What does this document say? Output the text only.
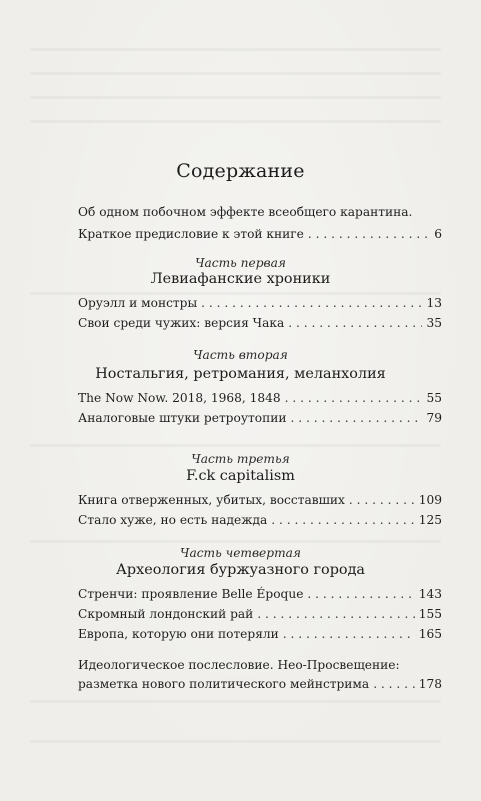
Содержание
Об одном побочном эффекте всеобщего карантина.
Краткое предисловие к этой книге . . .	6
Часть первая
Левиафанские хроники
Оруэлл и монстры . . .	13
Свои среди чужих: версия Чака . . .	35
Часть вторая
Ностальгия, ретромания, меланхолия
The Now Now. 2018, 1968, 1848 . . .	55
Аналоговые штуки ретроутопии . . .	79
Часть третья
F.ck capitalism
Книга отверженных, убитых, восставших . . .	109
Стало хуже, но есть надежда . . .	125
Часть четвертая
Археология буржуазного города
Стренчи: проявление Belle Époque . . .	143
Скромный лондонский рай . . .	155
Европа, которую они потеряли . . .	165
Идеологическое послесловие. Нео-Просвещение:
разметка нового политического мейнстрима . . .	178
